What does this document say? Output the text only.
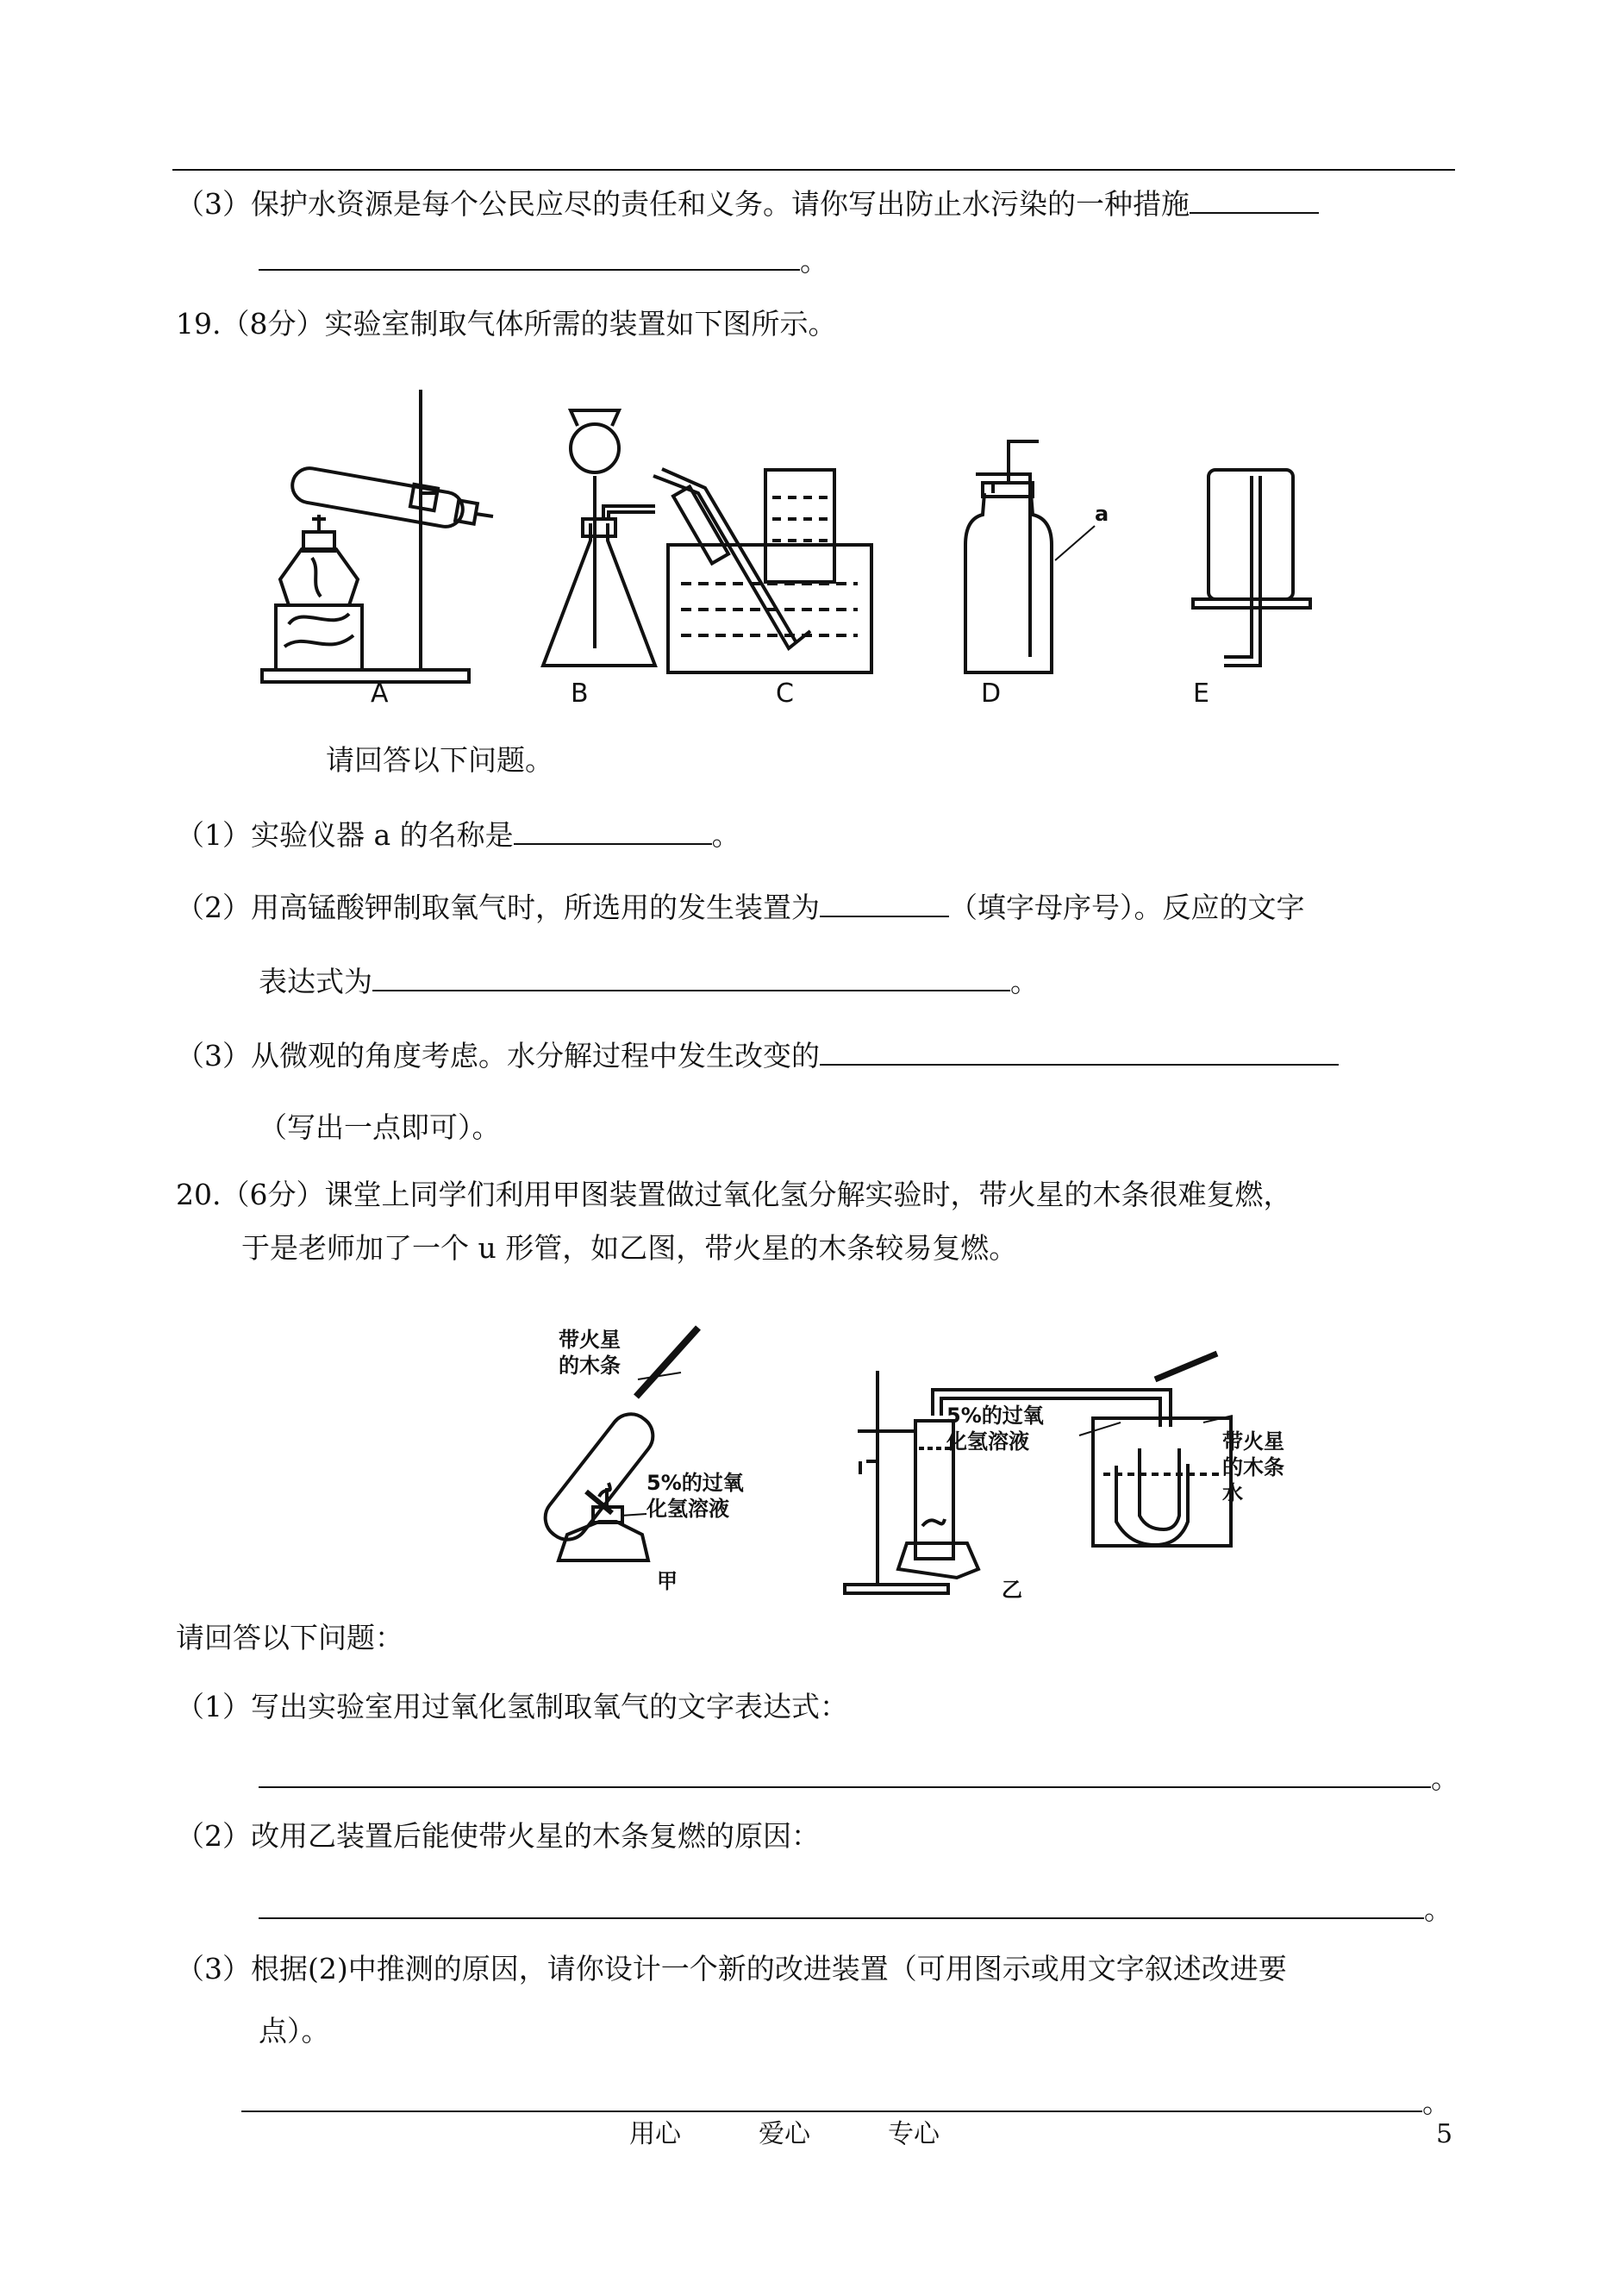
（3）保护水资源是每个公民应尽的责任和义务。请你写出防止水污染的一种措施
。
19.（8分）实验室制取气体所需的装置如下图所示。
A	B	C	D	E
a
请回答以下问题。
（1）实验仪器 a 的名称是	。
（2）用高锰酸钾制取氧气时，所选用的发生装置为	（填字母序号）。反应的文字
表达式为	。
（3）从微观的角度考虑。水分解过程中发生改变的
（写出一点即可）。
20.（6分）课堂上同学们利用甲图装置做过氧化氢分解实验时，带火星的木条很难复燃，
于是老师加了一个 u 形管，如乙图，带火星的木条较易复燃。
带火星
的木条
5%的过氧
化氢溶液
甲
5%的过氧
化氢溶液	带火星
的木条
水
乙
请回答以下问题：
（1）写出实验室用过氧化氢制取氧气的文字表达式：
。
（2）改用乙装置后能使带火星的木条复燃的原因：
。
（3）根据(2)中推测的原因，请你设计一个新的改进装置（可用图示或用文字叙述改进要
点）。
。
用心　　　爱心　　　专心	5
